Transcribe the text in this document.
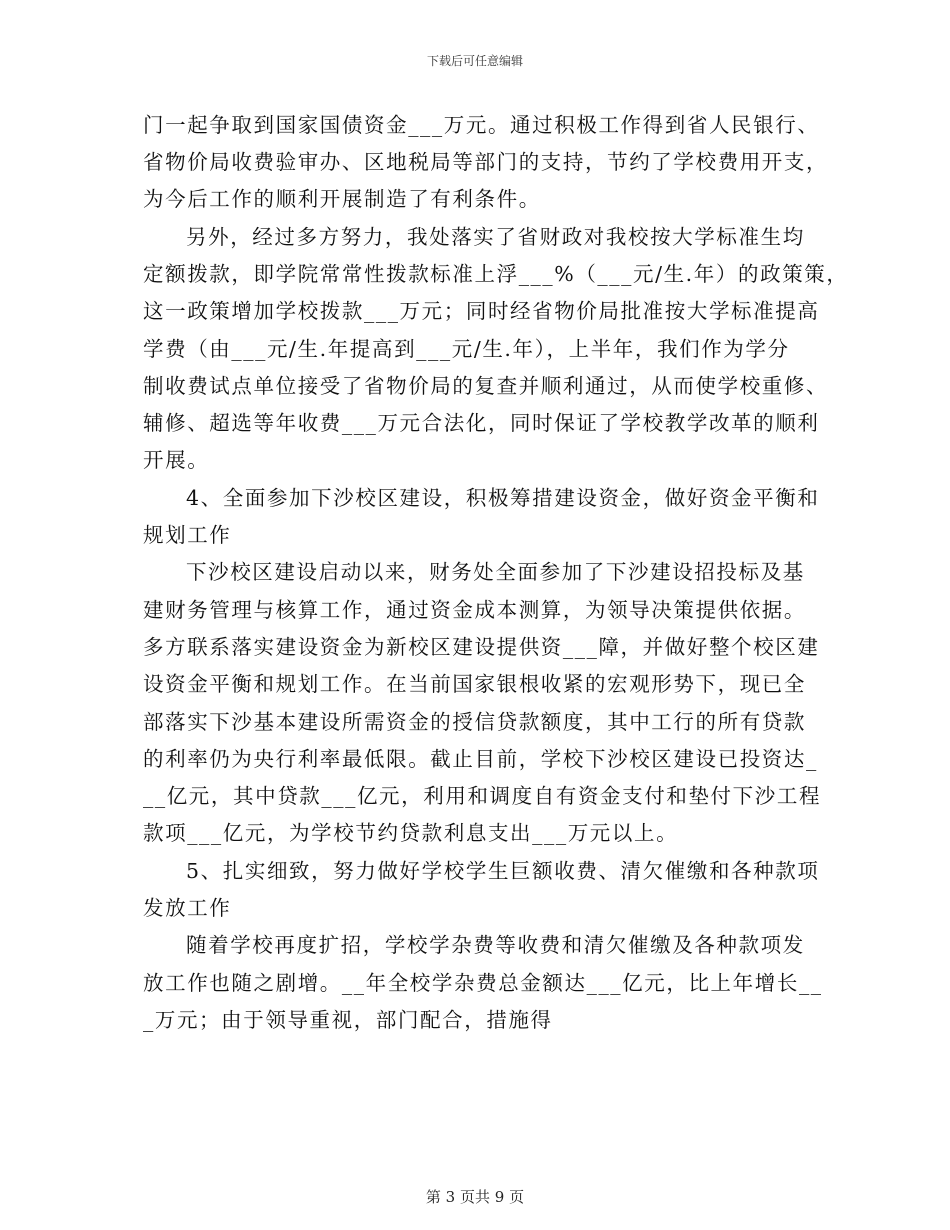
下载后可任意编辑
门一起争取到国家国债资金___万元。通过积极工作得到省人民银行、
省物价局收费验审办、区地税局等部门的支持，节约了学校费用开支，
为今后工作的顺利开展制造了有利条件。
另外，经过多方努力，我处落实了省财政对我校按大学标准生均
定额拨款，即学院常常性拨款标准上浮___%（___元/生.年）的政策策，
这一政策增加学校拨款___万元；同时经省物价局批准按大学标准提高
学费（由___元/生.年提高到___元/生.年），上半年，我们作为学分
制收费试点单位接受了省物价局的复查并顺利通过，从而使学校重修、
辅修、超选等年收费___万元合法化，同时保证了学校教学改革的顺利
开展。
4、全面参加下沙校区建设，积极筹措建设资金，做好资金平衡和
规划工作
下沙校区建设启动以来，财务处全面参加了下沙建设招投标及基
建财务管理与核算工作，通过资金成本测算，为领导决策提供依据。
多方联系落实建设资金为新校区建设提供资___障，并做好整个校区建
设资金平衡和规划工作。在当前国家银根收紧的宏观形势下，现已全
部落实下沙基本建设所需资金的授信贷款额度，其中工行的所有贷款
的利率仍为央行利率最低限。截止目前，学校下沙校区建设已投资达_
__亿元，其中贷款___亿元，利用和调度自有资金支付和垫付下沙工程
款项___亿元，为学校节约贷款利息支出___万元以上。
5、扎实细致，努力做好学校学生巨额收费、清欠催缴和各种款项
发放工作
随着学校再度扩招，学校学杂费等收费和清欠催缴及各种款项发
放工作也随之剧增。__年全校学杂费总金额达___亿元，比上年增长__
_万元；由于领导重视，部门配合，措施得
第 3 页共 9 页
